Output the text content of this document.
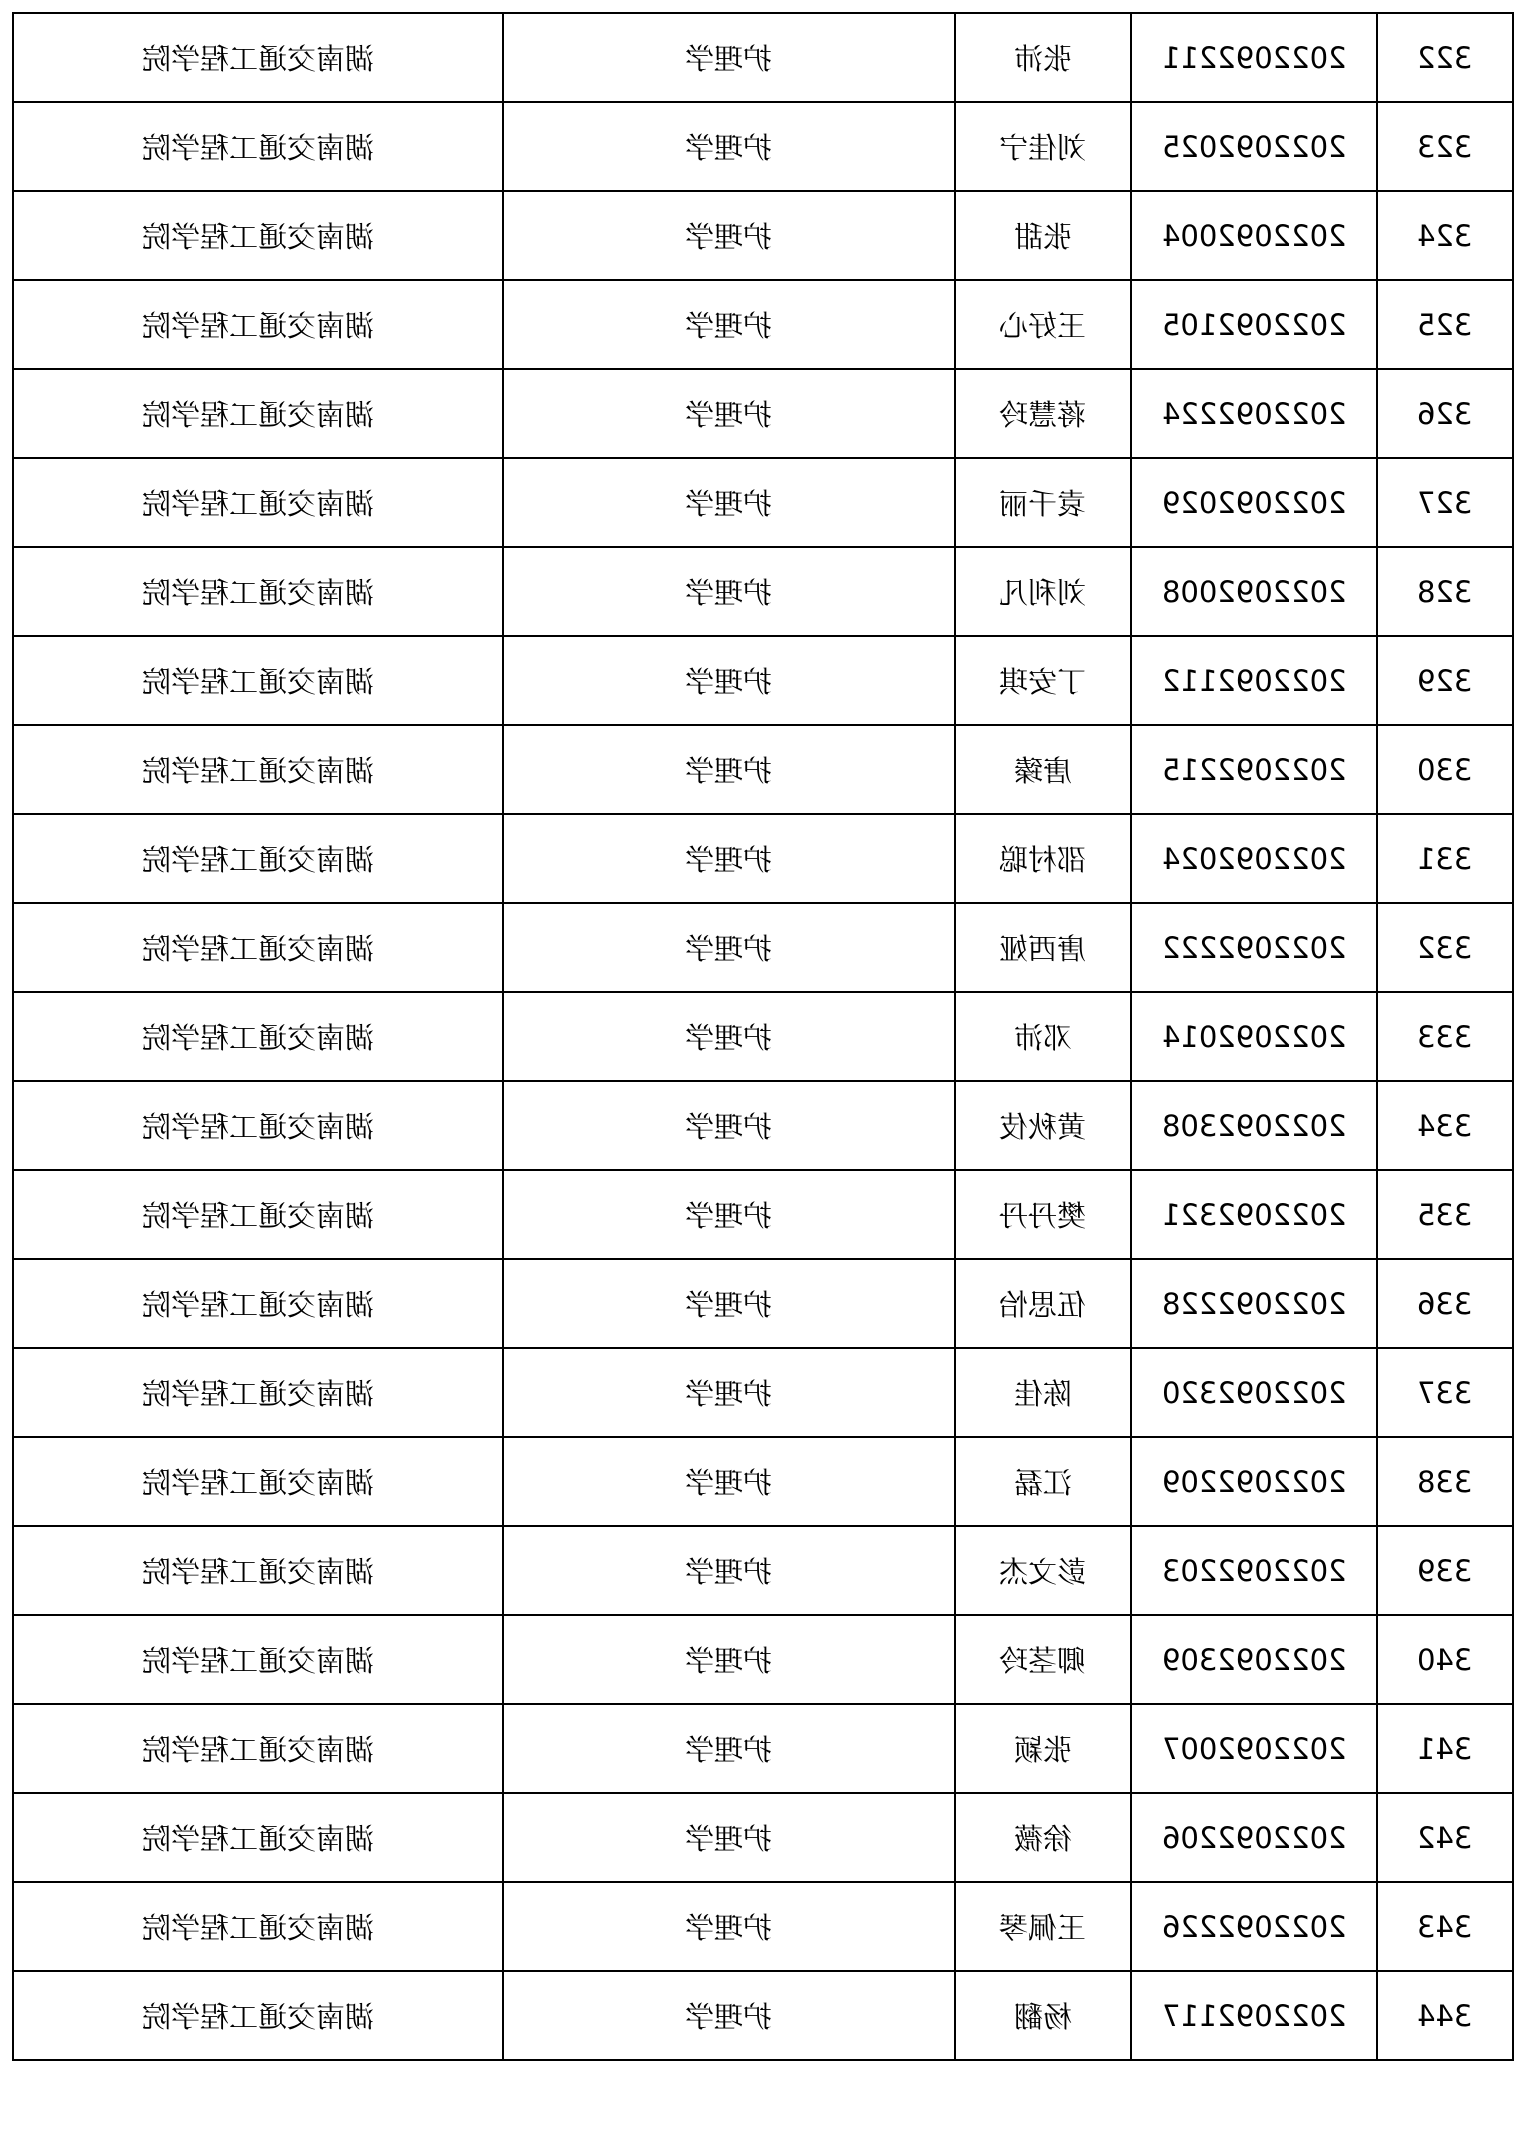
湖南交通工程学院	护理学	张沛	2022092211	322
湖南交通工程学院	护理学	刘佳宁	2022092025	323
湖南交通工程学院	护理学	张甜	2022092004	324
湖南交通工程学院	护理学	王好心	2022092105	325
湖南交通工程学院	护理学	蒋慧玲	2022092224	326
湖南交通工程学院	护理学	袁千丽	2022092029	327
湖南交通工程学院	护理学	刘利凡	2022092008	328
湖南交通工程学院	护理学	丁安琪	2022092112	329
湖南交通工程学院	护理学	唐臻	2022092215	330
湖南交通工程学院	护理学	邵村聪	2022092024	331
湖南交通工程学院	护理学	唐西娅	2022092222	332
湖南交通工程学院	护理学	邓沛	2022092014	333
湖南交通工程学院	护理学	黄秋伎	2022092308	334
湖南交通工程学院	护理学	樊丹丹	2022092321	335
湖南交通工程学院	护理学	伍思怡	2022092228	336
湖南交通工程学院	护理学	陈佳	2022092320	337
湖南交通工程学院	护理学	江磊	2022092209	338
湖南交通工程学院	护理学	彭文杰	2022092203	339
湖南交通工程学院	护理学	卿茎玲	2022092309	340
湖南交通工程学院	护理学	张颖	2022092007	341
湖南交通工程学院	护理学	徐薇	2022092206	342
湖南交通工程学院	护理学	王佩琴	2022092226	343
湖南交通工程学院	护理学	杨翻	2022092117	344
